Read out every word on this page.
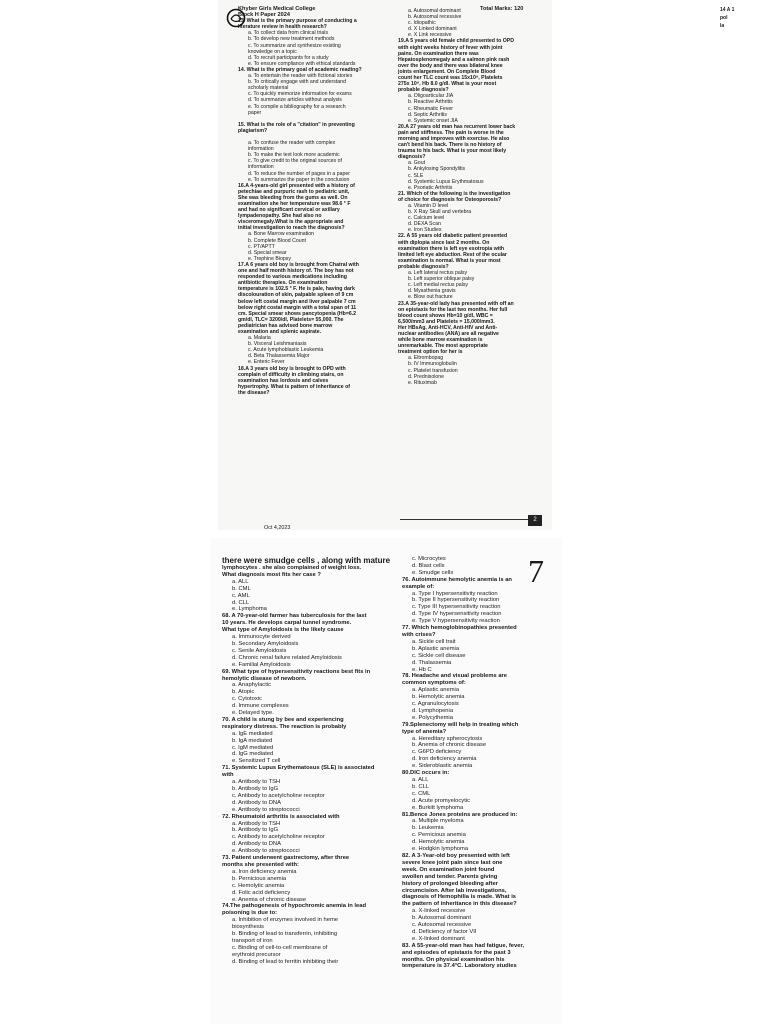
Total Marks: 120

Khyber Girls Medical College

Block H Paper 2024

13. What is the primary purpose of conducting a

literature review in health research?

a. To collect data from clinical trials

b. To develop new treatment methods

c. To summarize and synthesize existing

knowledge on a topic

d. To recruit participants for a study

e. To ensure compliance with ethical standards

14. What is the primary goal of academic reading?

a. To entertain the reader with fictional stories

b. To critically engage with and understand

scholarly material

c. To quickly memorize information for exams

d. To summarize articles without analysis

e. To compile a bibliography for a research

paper

15. What is the role of a "citation" in preventing

plagiarism?

a. To confuse the reader with complex

information

b. To make the text look more academic

c. To give credit to the original sources of

information

d. To reduce the number of pages in a paper

e. To summarize the paper in the conclusion

16.A 4-years-old girl presented with a history of

petechiae and purpuric rash to pediatric unit,

She was bleeding from the gums as well. On

examination she her temperature was 98.6 ° F

and had no significant cervical or axillary

lympadenopathy. She had also no

visceromegaly.What is the appropriate and

initial investigation to reach the diagnosis?

a. Bone Marrow examination

b. Complete Blood Count

c. PT/APTT

d. Special smear

e. Trephine Biopsy

17.A 6 years old boy is brought from Chatral with

one and half month history of. The boy has not

responded to various medications including

antibiotic therapies. On examination

temperature is 102.5 ° F. He is pale, having dark

discolouration of skin, palpable spleen of 9 cm

below left costal margin and liver palpable 7 cm

below right costal margin with a total span of 11

cm. Special smear shows pancytopenia (Hb=6.2

gm/dl, TLC= 3200/dl, Platelets= 55,000. The

pediatrician has advised bone marrow

examination and splenic aspirate.

a. Malaria

b. Visceral Leishmaniasis

c. Acute lymphoblastic Leukemia

d. Beta Thalassemia Major

e. Enteric Fever

18.A 3 years old boy is brought to OPD with

complain of difficulty in climbing stairs, on

examination has lordosis and calves

hypertrophy. What is pattern of inheritance of

the disease?

a. Autosomal dominant

b. Autosomal recessive

c. Idiopathic

d. X Linked dominant

e. X Link recessive

19.A 5 years old female child presented to OPD

with eight weeks history of fever with joint

pains. On examination there was

Hepatosplenomegaly and a salmon pink rash

over the body and there was bilateral knee

joints enlargement. On Complete Blood

count her TLC count was 15x10⁹, Platelets

275x 10⁹, Hb 8.0 g/dl. What is your most

probable diagnosis?

a. Oligoarticular JIA

b. Reactive Arthritis

c. Rheumatic Fever

d. Septic Arthritis

e. Systemic onset JIA

20.A 27 years old man has recurrent lower back

pain and stiffness. The pain is worse in the

morning and improves with exercise. He also

can't bend his back. There is no history of

trauma to his back. What is your most likely

diagnosis?

a. Gout

b. Ankylosing Spondylitis

c. SLE

d. Systemic Lupus Erythmatosus

e. Psoriatic Arthritis

21. Which of the following is the investigation

of choice for diagnosis for Osteoporosis?

a. Vitamin D level

b. X Ray Skull and vertebra

c. Calcium level

d. DEXA Scan

e. Iron Studies

22. A 55 years old diabetic patient presented

with diplopia since last 2 months. On

examination there is left eye esotropia with

limited left eye abduction. Rest of the ocular

examination is normal. What is your most

probable diagnosis?

a. Left lateral rectus palsy

b. Left superior oblique palsy

c. Left medial rectus palsy

d. Myasthenia gravis

e. Blow out fracture

23.A 35-year-old lady has presented with off an

on epistaxis for the last two months. Her full

blood count shows Hb=10 g/dl, WBC =

6,500/mm3 and Platelets = 15,000/mm3.

Her HBsAg, Anti-HCV, Anti-HIV and Anti-

nuclear antibodies (ANA) are all negative

while bone marrow examination is

unremarkable. The most appropriate

treatment option for her is

a. Eltrombopag

b. IV Immunoglobulin

c. Platelet transfusion

d. Prednisolone

e. Rituximab

2
Oct 4,2023

there were smudge cells , along with mature

lymphocytes . she also complained of weight loss.

What diagnosis most fits her case ?

a. ALL

b. CML

c. AML

d. CLL

e. Lymphoma

68. A 70-year-old farmer has tuberculosis for the last

10 years. He develops carpal tunnel syndrome.

What type of Amyloidosis is the likely cause

a. Immunocyte derived

b. Secondary Amyloidosis

c. Senile Amyloidosis

d. Chronic renal failure related Amyloidosis

e. Familial Amyloidosis

69. What type of hypersensitivity reactions best fits in

hemolytic disease of newborn.

a. Anaphylactic

b. Atopic

c. Cytotoxic

d. Immune complexes

e. Delayed type.

70. A child is stung by bee and experiencing

respiratory distress. The reaction is probably

a. IgE mediated

b. IgA mediated

c. IgM mediated

d. IgG mediated

e. Sensitized T cell

71. Systemic Lupus Erythematosus (SLE) is associated

with

a. Antibody to TSH

b. Antibody to IgG

c. Antibody to acetylcholine receptor

d. Antibody to DNA

e. Antibody to streptococci

72. Rheumatoid arthritis is associated with

a. Antibody to TSH

b. Antibody to IgG

c. Antibody to acetylcholine receptor

d. Antibody to DNA

e. Antibody to streptococci

73. Patient underwent gastrectomy, after three

months she presented with:

a. Iron deficiency anemia

b. Pernicious anemia

c. Hemolytic anemia

d. Folic acid deficiency

e. Anemia of chronic disease

74.The pathogenesis of hypochromic anemia in lead

poisoning is due to:

a. Inhibition of enzymes involved in heme

biosynthesis

b. Binding of lead to transferrin, inhibiting

transport of iron

c. Binding of cell-to-cell membrane of

erythroid precursor

d. Binding of lead to ferritin inhibiting their

c. Microcytes

d. Blast cells

e. Smudge cells

76. Autoimmune hemolytic anemia is an

example of:

a. Type I hypersensitivity reaction

b. Type II hypersensitivity reaction

c. Type III hypersensitivity reaction

d. Type IV hypersensitivity reaction

e. Type V hypersensitivity reaction

77. Which hemoglobinopathies presented

with crises?

a. Sickle cell trait

b. Aplastic anemia

c. Sickle cell disease

d. Thalassemia

e. Hb C

78. Headache and visual problems are

common symptoms of:

a. Aplastic anemia

b. Hemolytic anemia

c. Agranulocytosis

d. Lymphopenia

e. Polycythemia

79.Splenectomy will help in treating which

type of anemia?

a. Hereditary spherocytosis

b. Anemia of chronic disease

c. G6PD deficiency

d. Iron deficiency anemia

e. Sideroblastic anemia

80.DIC occurs in:

a. ALL

b. CLL

c. CML

d. Acute promyelocytic

e. Burkitt lymphoma

81.Bence Jones proteins are produced in:

a. Multiple myeloma

b. Leukemia

c. Pernicious anemia

d. Hemolytic anemia

e. Hodgkin lymphoma

82. A 3-Year-old boy presented with left

severe knee joint pain since last one

week. On examination joint found

swollen and tender. Parents giving

history of prolonged bleeding after

circumcision. After lab investigations,

diagnosis of Hemophilia is made. What is

the pattern of inheritance in this disease?

a. X-linked recessive

b. Autosomal dominant

c. Autosomal recessive

d. Deficiency of factor VII

e. X-linked dominant

83. A 55-year-old man has had fatigue, fever,

and episodes of epistaxis for the past 3

months. On physical examination his

temperature is 37.4°C. Laboratory studies

7
14 A 1
pol
la
